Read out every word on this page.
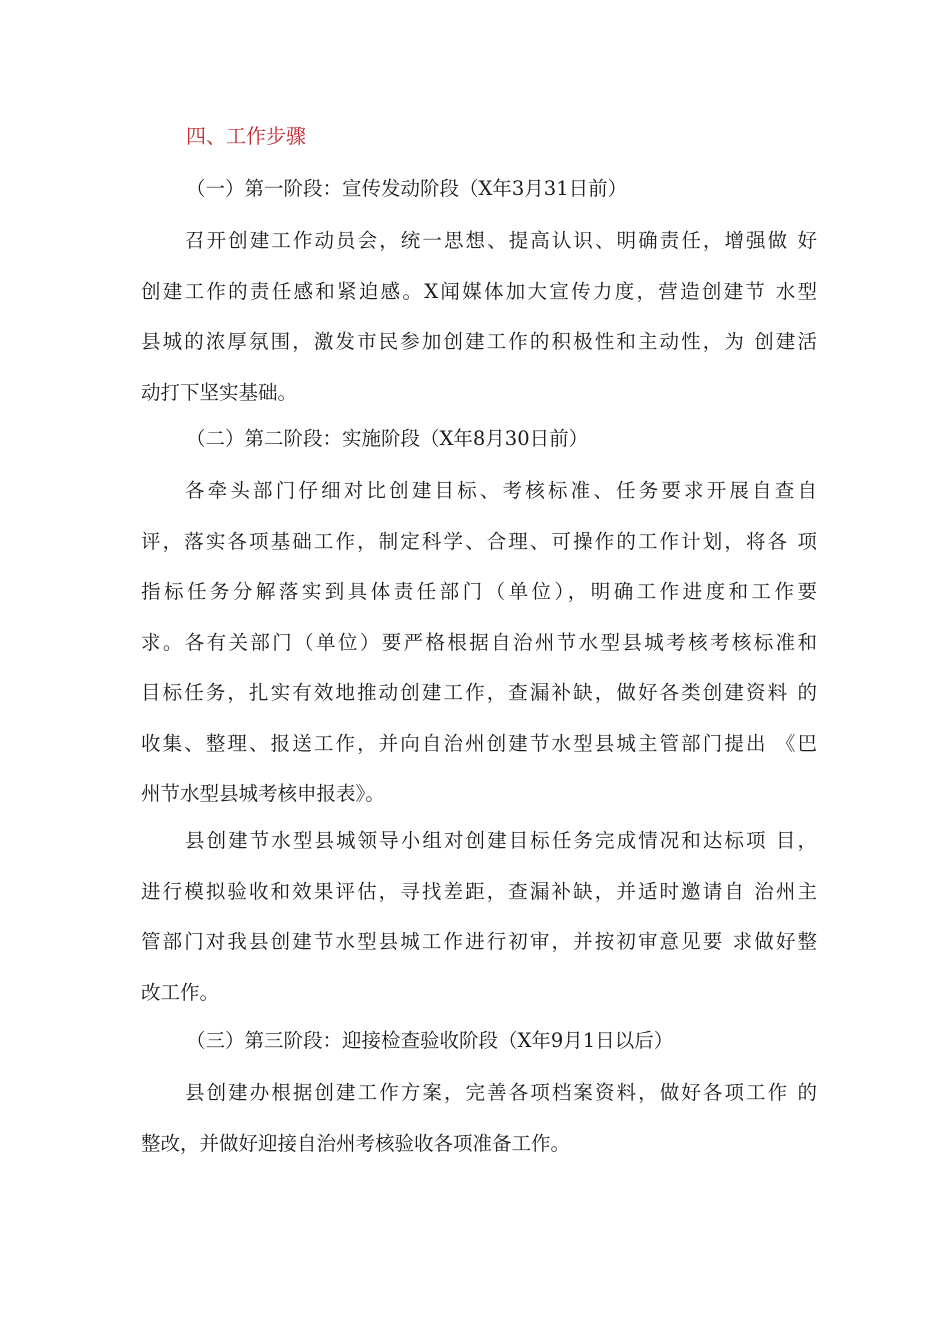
四、工作步骤
（一）第一阶段：宣传发动阶段（X年3月31日前）
召开创建工作动员会，统一思想、提高认识、明确责任，增强做 好
创建工作的责任感和紧迫感。X闻媒体加大宣传力度，营造创建节 水型
县城的浓厚氛围，激发市民参加创建工作的积极性和主动性，为 创建活
动打下坚实基础。
（二）第二阶段：实施阶段（X年8月30日前）
各牵头部门仔细对比创建目标、考核标准、任务要求开展自查自
评，落实各项基础工作，制定科学、合理、可操作的工作计划，将各 项
指标任务分解落实到具体责任部门（单位），明确工作进度和工作要
求。各有关部门（单位）要严格根据自治州节水型县城考核考核标准和
目标任务，扎实有效地推动创建工作，查漏补缺，做好各类创建资料 的
收集、整理、报送工作，并向自治州创建节水型县城主管部门提出 《巴
州节水型县城考核申报表》。
县创建节水型县城领导小组对创建目标任务完成情况和达标项 目，
进行模拟验收和效果评估，寻找差距，查漏补缺，并适时邀请自 治州主
管部门对我县创建节水型县城工作进行初审，并按初审意见要 求做好整
改工作。
（三）第三阶段：迎接检查验收阶段（X年9月1日以后）
县创建办根据创建工作方案，完善各项档案资料，做好各项工作 的
整改，并做好迎接自治州考核验收各项准备工作。
